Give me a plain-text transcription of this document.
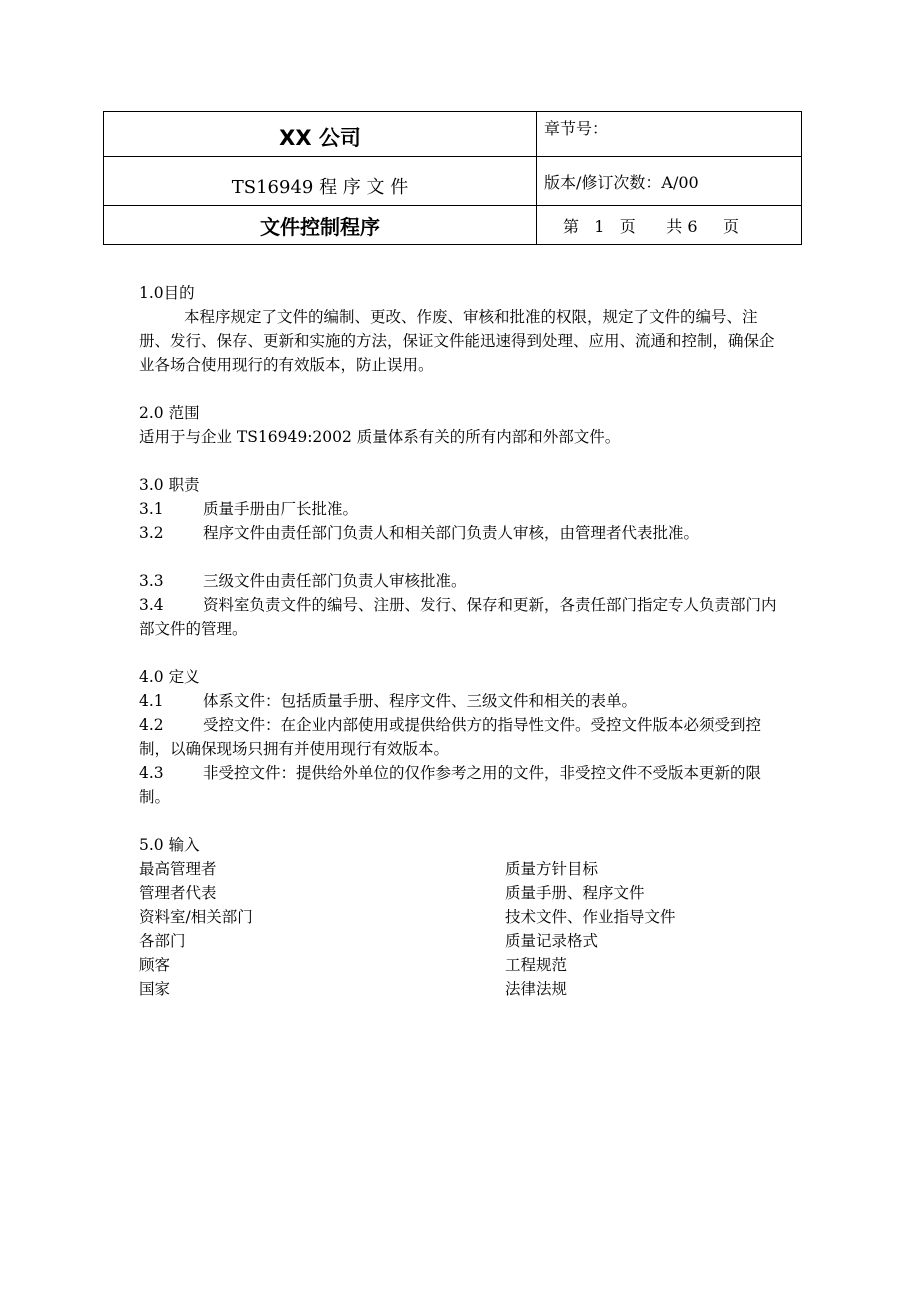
XX 公司	章节号：
TS16949 程 序 文 件	版本/修订次数：A/00
文件控制程序	第 1 页 共 6 页
1.0目的
本程序规定了文件的编制、更改、作废、审核和批准的权限，规定了文件的编号、注册、发行、保存、更新和实施的方法，保证文件能迅速得到处理、应用、流通和控制，确保企业各场合使用现行的有效版本，防止误用。
2.0 范围
适用于与企业 TS16949:2002 质量体系有关的所有内部和外部文件。
3.0 职责
3.1	质量手册由厂长批准。
3.2	程序文件由责任部门负责人和相关部门负责人审核，由管理者代表批准。
3.3	三级文件由责任部门负责人审核批准。
3.4	资料室负责文件的编号、注册、发行、保存和更新，各责任部门指定专人负责部门内部文件的管理。
4.0 定义
4.1	体系文件：包括质量手册、程序文件、三级文件和相关的表单。
4.2	受控文件：在企业内部使用或提供给供方的指导性文件。受控文件版本必须受到控制，以确保现场只拥有并使用现行有效版本。
4.3	非受控文件：提供给外单位的仅作参考之用的文件，非受控文件不受版本更新的限制。
5.0 输入
最高管理者	质量方针目标
管理者代表	质量手册、程序文件
资料室/相关部门	技术文件、作业指导文件
各部门	质量记录格式
顾客	工程规范
国家	法律法规
